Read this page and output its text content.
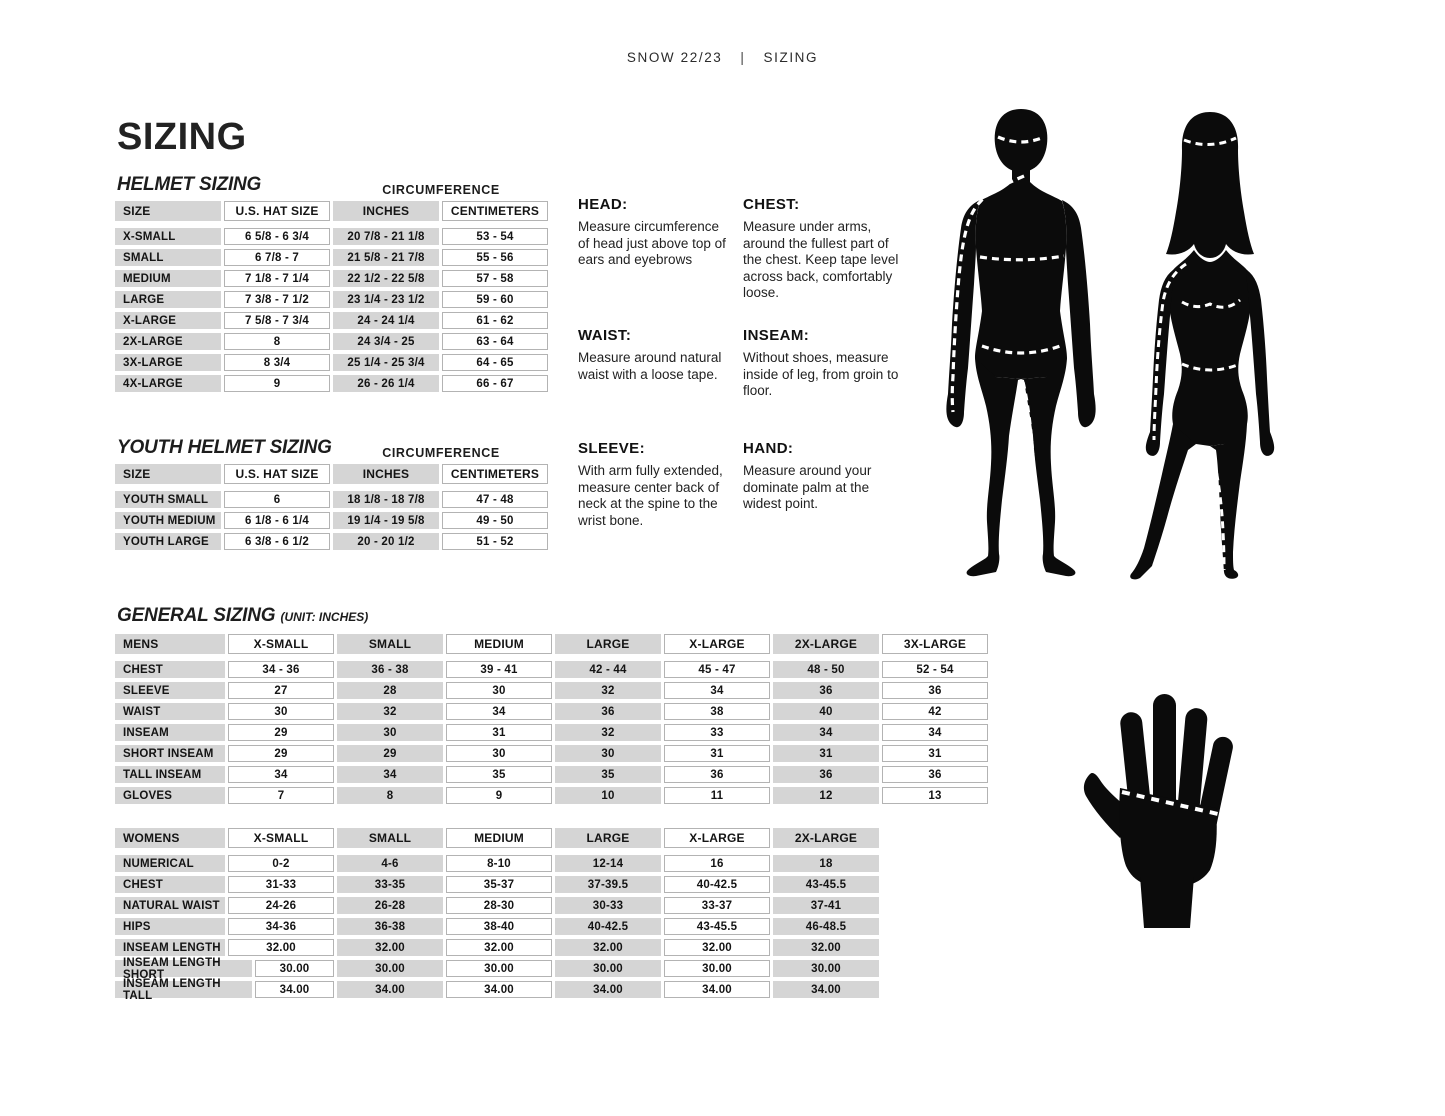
SNOW 22/23 | SIZING
SIZING
HELMET SIZING	CIRCUMFERENCE
SIZE	U.S. HAT SIZE	INCHES	CENTIMETERS
X-SMALL	6 5/8 - 6 3/4	20 7/8 - 21 1/8	53 - 54
SMALL	6 7/8 - 7	21 5/8 - 21 7/8	55 - 56
MEDIUM	7 1/8 - 7 1/4	22 1/2 - 22 5/8	57 - 58
LARGE	7 3/8 - 7 1/2	23 1/4 - 23 1/2	59 - 60
X-LARGE	7 5/8 - 7 3/4	24 - 24 1/4	61 - 62
2X-LARGE	8	24 3/4 - 25	63 - 64
3X-LARGE	8 3/4	25 1/4 - 25 3/4	64 - 65
4X-LARGE	9	26 - 26 1/4	66 - 67
YOUTH HELMET SIZING	CIRCUMFERENCE
SIZE	U.S. HAT SIZE	INCHES	CENTIMETERS
YOUTH SMALL	6	18 1/8 - 18 7/8	47 - 48
YOUTH MEDIUM	6 1/8 - 6 1/4	19 1/4 - 19 5/8	49 - 50
YOUTH LARGE	6 3/8 - 6 1/2	20 - 20 1/2	51 - 52
HEAD:

Measure circumference of head just above top of ears and eyebrows

CHEST:

Measure under arms, around the fullest part of the chest. Keep tape level across back, comfortably loose.

WAIST:

Measure around natural waist with a loose tape.

INSEAM:

Without shoes, measure inside of leg, from groin to floor.

SLEEVE:

With arm fully extended, measure center back of neck at the spine to the wrist bone.

HAND:

Measure around your dominate palm at the widest point.

GENERAL SIZING (UNIT: INCHES)
MENS	X-SMALL	SMALL	MEDIUM	LARGE	X-LARGE	2X-LARGE	3X-LARGE
CHEST	34 - 36	36 - 38	39 - 41	42 - 44	45 - 47	48 - 50	52 - 54
SLEEVE	27	28	30	32	34	36	36
WAIST	30	32	34	36	38	40	42
INSEAM	29	30	31	32	33	34	34
SHORT INSEAM	29	29	30	30	31	31	31
TALL INSEAM	34	34	35	35	36	36	36
GLOVES	7	8	9	10	11	12	13
WOMENS	X-SMALL	SMALL	MEDIUM	LARGE	X-LARGE	2X-LARGE
NUMERICAL	0-2	4-6	8-10	12-14	16	18
CHEST	31-33	33-35	35-37	37-39.5	40-42.5	43-45.5
NATURAL WAIST	24-26	26-28	28-30	30-33	33-37	37-41
HIPS	34-36	36-38	38-40	40-42.5	43-45.5	46-48.5
INSEAM LENGTH	32.00	32.00	32.00	32.00	32.00	32.00
INSEAM LENGTH SHORT	30.00	30.00	30.00	30.00	30.00	30.00
INSEAM LENGTH TALL	34.00	34.00	34.00	34.00	34.00	34.00
